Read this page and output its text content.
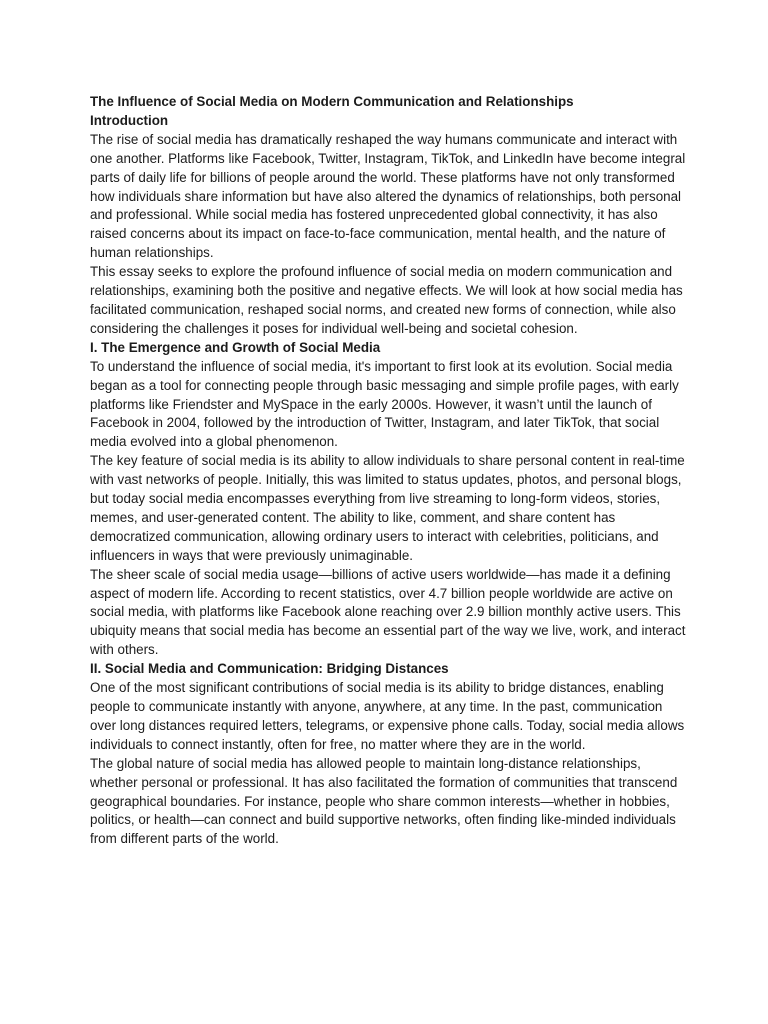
The Influence of Social Media on Modern Communication and Relationships

Introduction

The rise of social media has dramatically reshaped the way humans communicate and interact with one another. Platforms like Facebook, Twitter, Instagram, TikTok, and LinkedIn have become integral parts of daily life for billions of people around the world. These platforms have not only transformed how individuals share information but have also altered the dynamics of relationships, both personal and professional. While social media has fostered unprecedented global connectivity, it has also raised concerns about its impact on face-to-face communication, mental health, and the nature of human relationships.

This essay seeks to explore the profound influence of social media on modern communication and relationships, examining both the positive and negative effects. We will look at how social media has facilitated communication, reshaped social norms, and created new forms of connection, while also considering the challenges it poses for individual well-being and societal cohesion.

I. The Emergence and Growth of Social Media

To understand the influence of social media, it's important to first look at its evolution. Social media began as a tool for connecting people through basic messaging and simple profile pages, with early platforms like Friendster and MySpace in the early 2000s. However, it wasn’t until the launch of Facebook in 2004, followed by the introduction of Twitter, Instagram, and later TikTok, that social media evolved into a global phenomenon.

The key feature of social media is its ability to allow individuals to share personal content in real-time with vast networks of people. Initially, this was limited to status updates, photos, and personal blogs, but today social media encompasses everything from live streaming to long-form videos, stories, memes, and user-generated content. The ability to like, comment, and share content has democratized communication, allowing ordinary users to interact with celebrities, politicians, and influencers in ways that were previously unimaginable.

The sheer scale of social media usage—billions of active users worldwide—has made it a defining aspect of modern life. According to recent statistics, over 4.7 billion people worldwide are active on social media, with platforms like Facebook alone reaching over 2.9 billion monthly active users. This ubiquity means that social media has become an essential part of the way we live, work, and interact with others.

II. Social Media and Communication: Bridging Distances

One of the most significant contributions of social media is its ability to bridge distances, enabling people to communicate instantly with anyone, anywhere, at any time. In the past, communication over long distances required letters, telegrams, or expensive phone calls. Today, social media allows individuals to connect instantly, often for free, no matter where they are in the world.

The global nature of social media has allowed people to maintain long-distance relationships, whether personal or professional. It has also facilitated the formation of communities that transcend geographical boundaries. For instance, people who share common interests—whether in hobbies, politics, or health—can connect and build supportive networks, often finding like-minded individuals from different parts of the world.
